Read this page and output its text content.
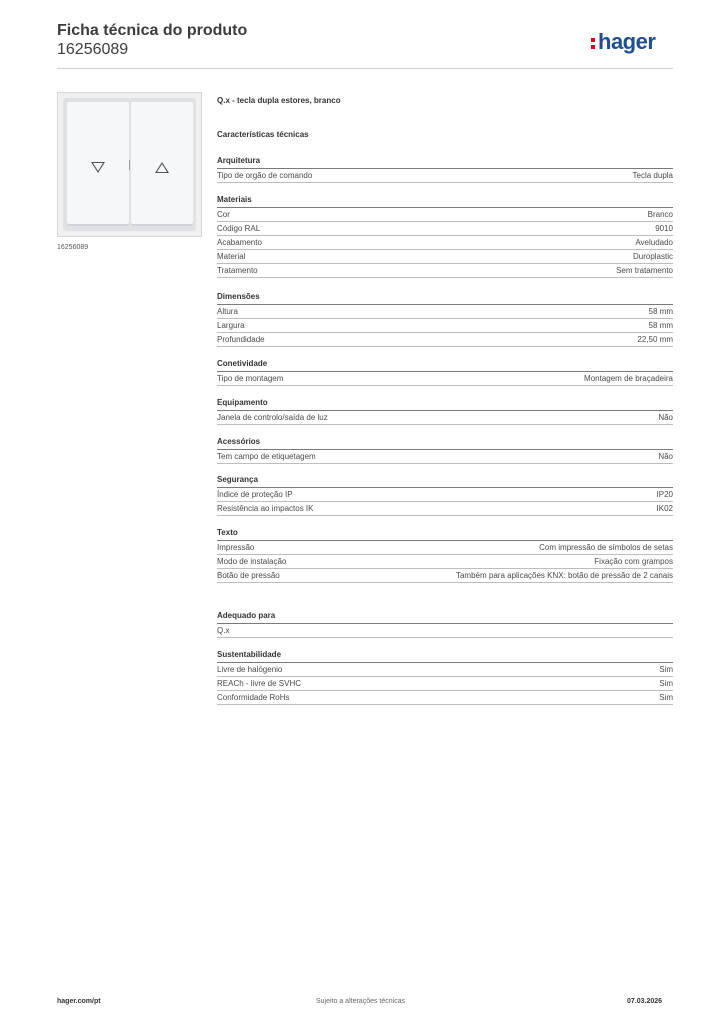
Ficha técnica do produto
16256089	hager
16256089
Q.x - tecla dupla estores, branco
Características técnicas
Arquitetura
Tipo de orgão de comando	Tecla dupla
Materiais
Cor	Branco
Código RAL	9010
Acabamento	Aveludado
Material	Duroplastic
Tratamento	Sem tratamento
Dimensões
Altura	58 mm
Largura	58 mm
Profundidade	22,50 mm
Conetividade
Tipo de montagem	Montagem de braçadeira
Equipamento
Janela de controlo/saída de luz	Não
Acessórios
Tem campo de etiquetagem	Não
Segurança
Índice de proteção IP	IP20
Resistência ao impactos IK	IK02
Texto
Impressão	Com impressão de símbolos de setas
Modo de instalação	Fixação com grampos
Botão de pressão	Também para aplicações KNX: botão de pressão de 2 canais
Adequado para
Q.x
Sustentabilidade
Livre de halógenio	Sim
REACh - livre de SVHC	Sim
Conformidade RoHs	Sim
hager.com/pt	Sujeito a alterações técnicas	07.03.2026
